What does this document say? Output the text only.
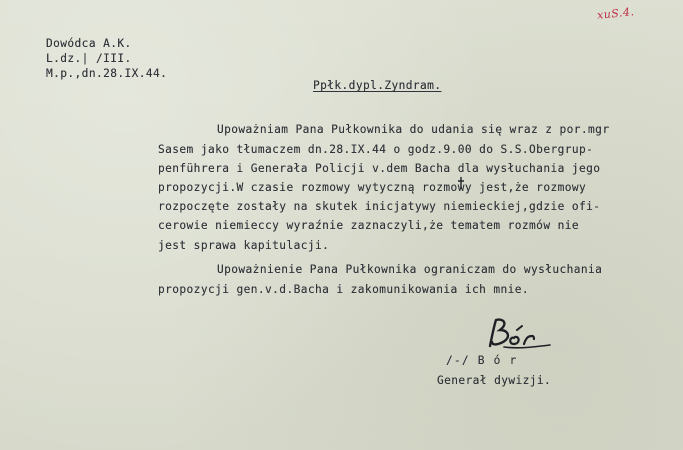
xuS.4.
Dowódca A.K.
L.dz.| /III.
M.p.,dn.28.IX.44.
Ppłk.dypl.Zyndram.
Upoważniam Pana Pułkownika do udania się wraz z por.mgr
Sasem jako tłumaczem dn.28.IX.44 o godz.9.00 do S.S.Obergrup-
penführera i Generała Policji v.dem Bacha dla wysłuchania jego
propozycji.W czasie rozmowy wytyczną rozmowy jest,że rozmowy
rozpoczęte zostały na skutek inicjatywy niemieckiej,gdzie ofi-
cerowie niemieccy wyraźnie zaznaczyli,że tematem rozmów nie
jest sprawa kapitulacji.
Upoważnienie Pana Pułkownika ograniczam do wysłuchania
propozycji gen.v.d.Bacha i zakomunikowania ich mnie.
/-/ B ó r
Generał dywizji.
